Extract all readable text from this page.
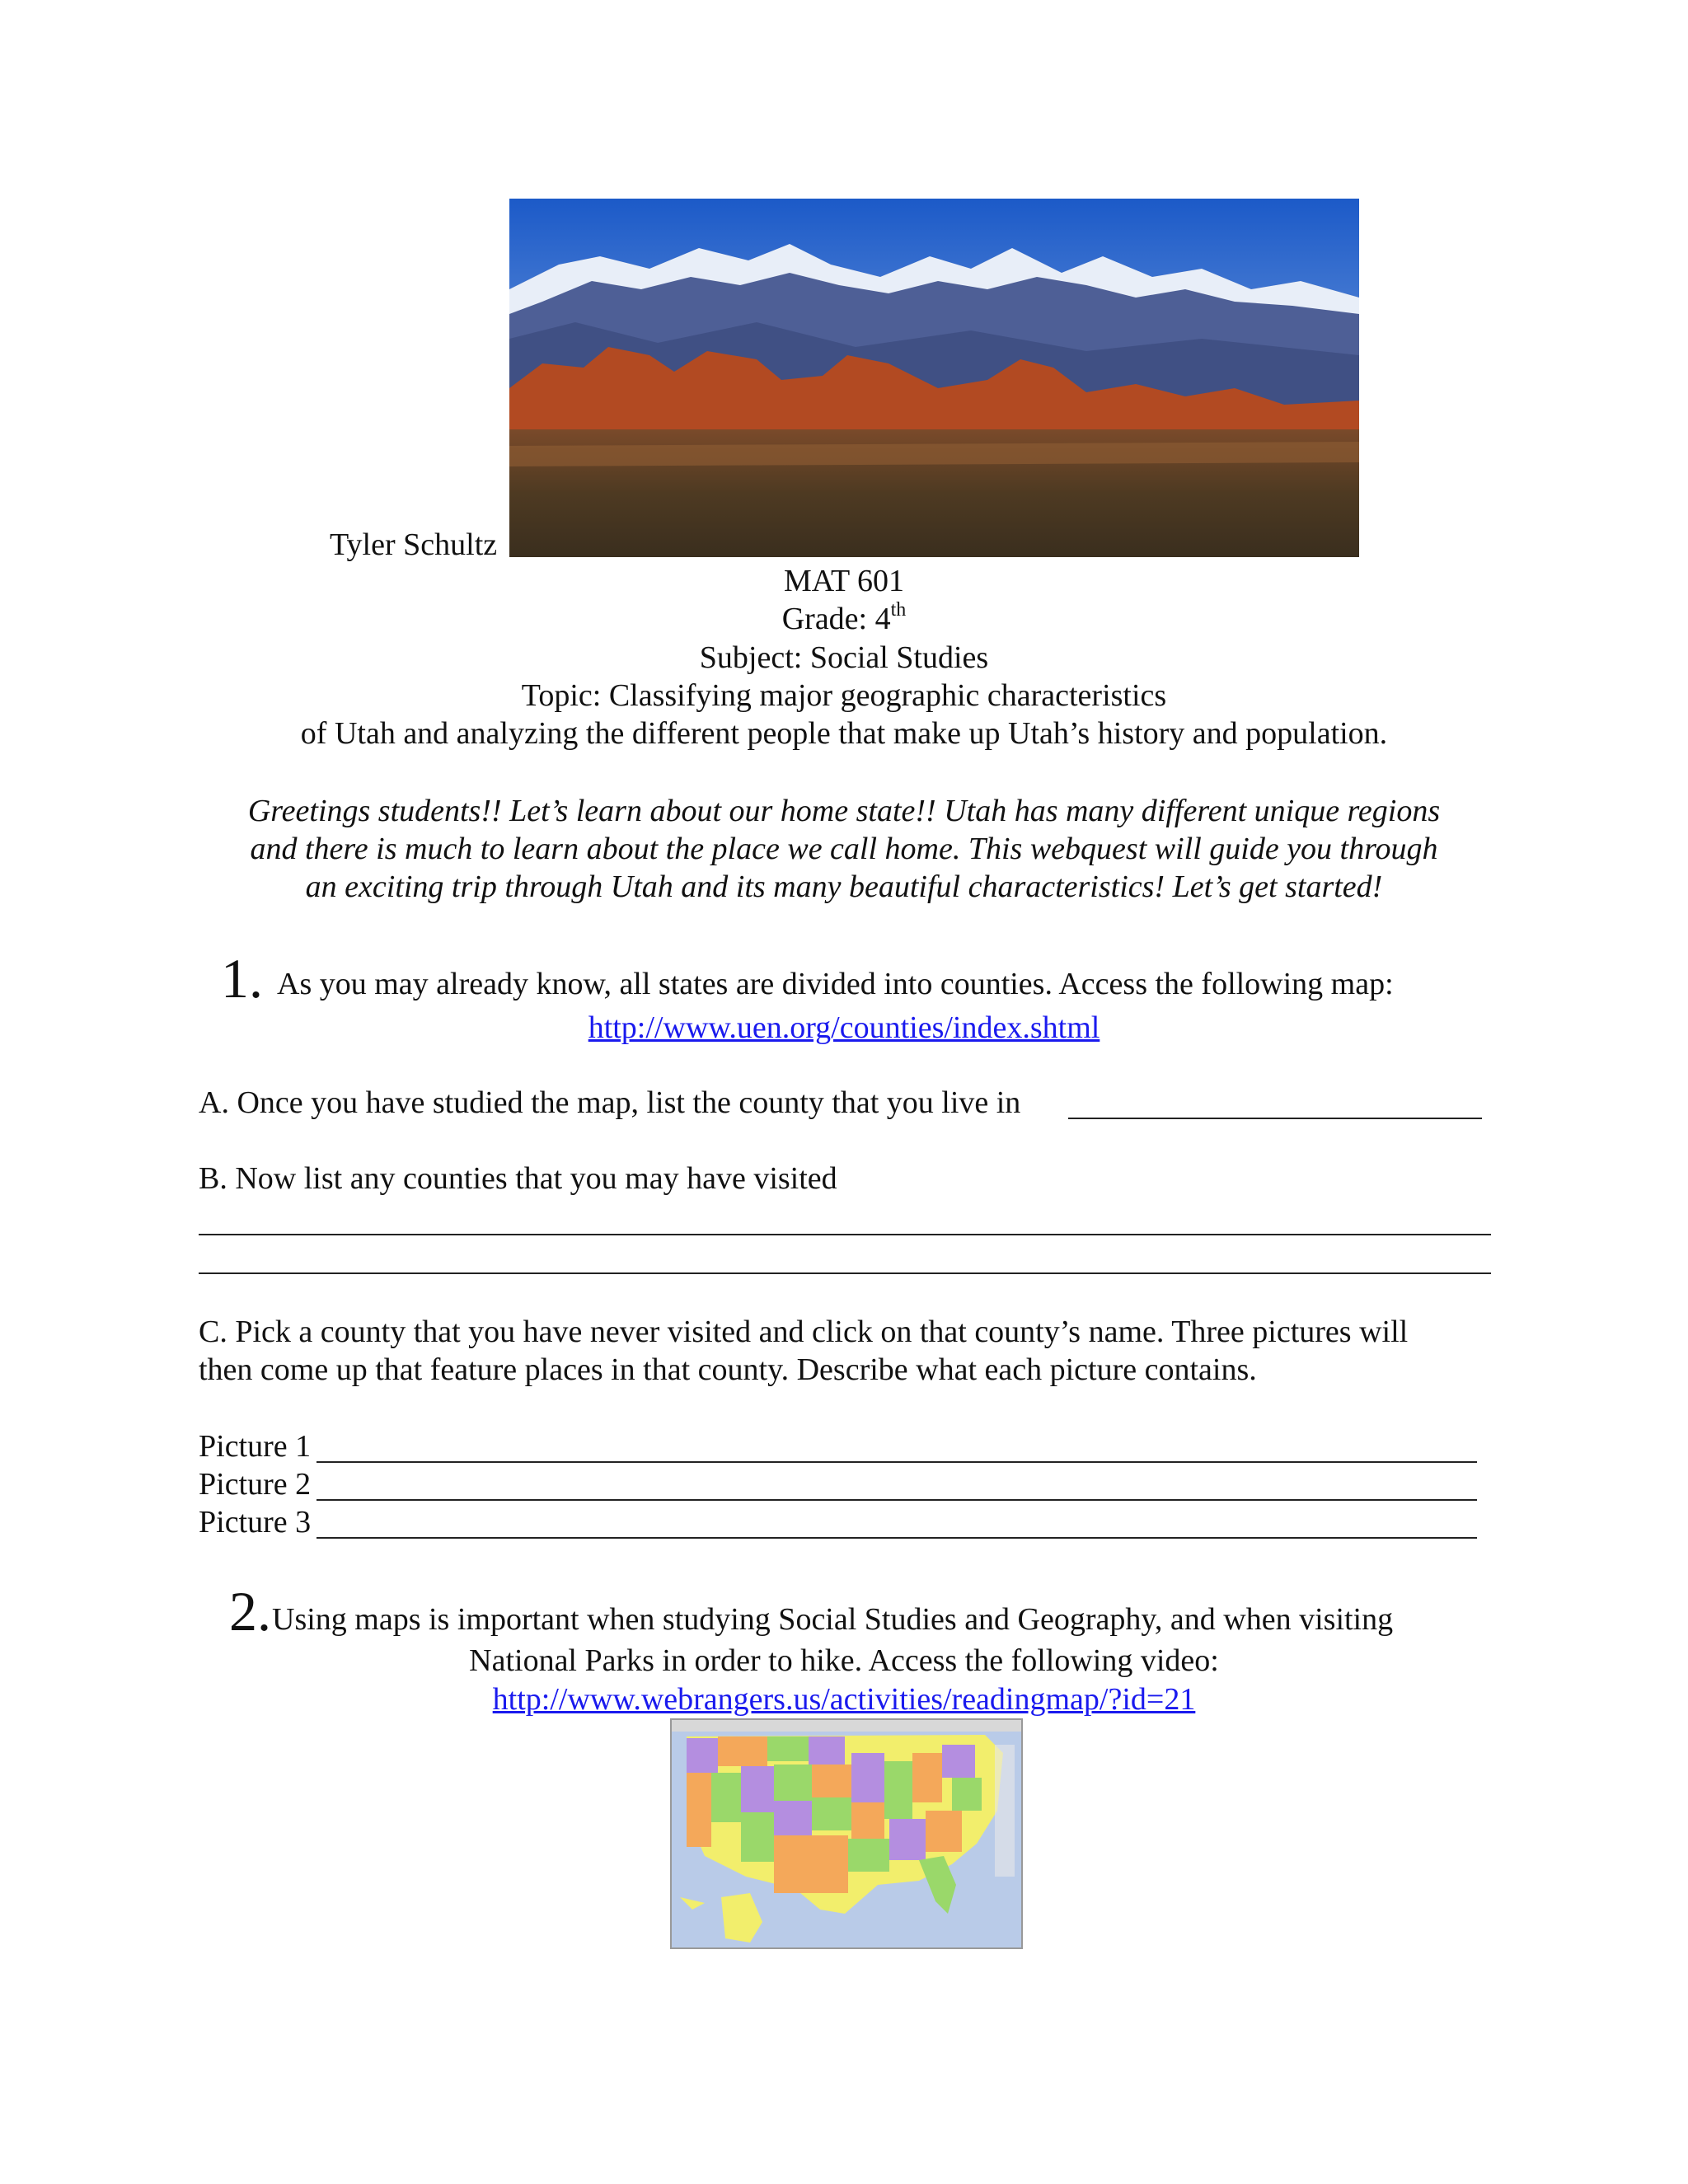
Tyler Schultz
MAT 601
Grade: 4th
Subject: Social Studies
Topic: Classifying major geographic characteristics
of Utah and analyzing the different people that make up Utah’s history and population.
Greetings students!! Let’s learn about our home state!! Utah has many different unique regions
and there is much to learn about the place we call home. This webquest will guide you through
an exciting trip through Utah and its many beautiful characteristics! Let’s get started!
1. As you may already know, all states are divided into counties. Access the following map:
http://www.uen.org/counties/index.shtml
A. Once you have studied the map, list the county that you live in
B. Now list any counties that you may have visited
C. Pick a county that you have never visited and click on that county’s name. Three pictures will
then come up that feature places in that county. Describe what each picture contains.
Picture 1
Picture 2
Picture 3
2. Using maps is important when studying Social Studies and Geography, and when visiting
National Parks in order to hike. Access the following video:
http://www.webrangers.us/activities/readingmap/?id=21
